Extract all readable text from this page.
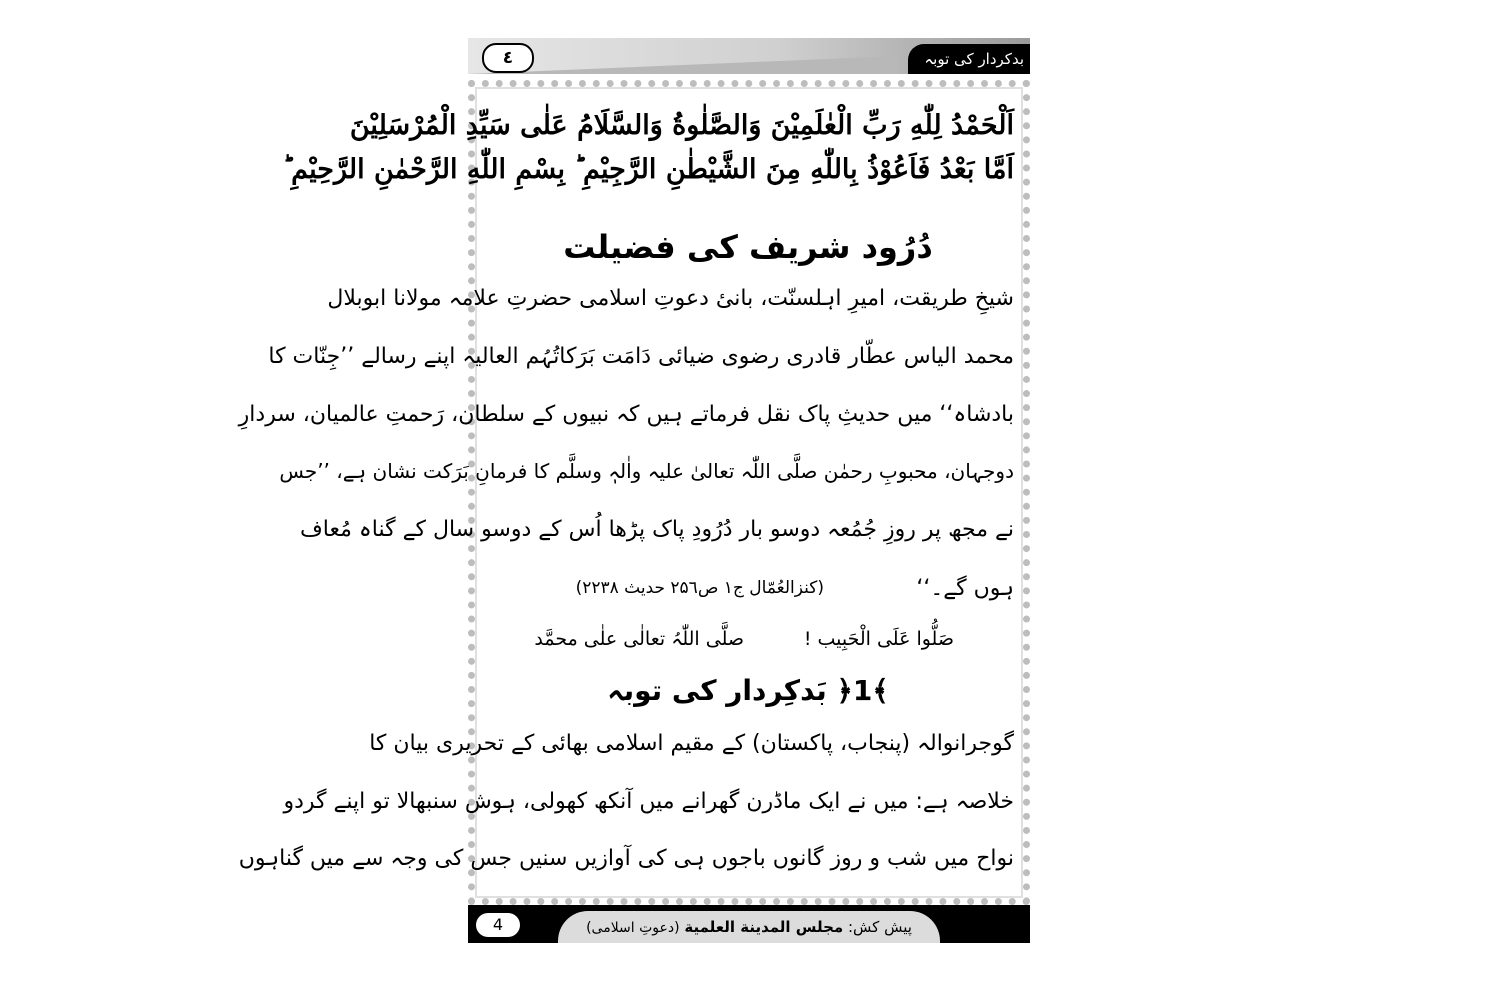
٤	بدکردار کی توبہ
اَلْحَمْدُ لِلّٰهِ رَبِّ الْعٰلَمِيْنَ وَالصَّلٰوةُ وَالسَّلَامُ عَلٰی سَيِّدِ الْمُرْسَلِيْنَ
اَمَّا بَعْدُ فَاَعُوْذُ بِاللّٰهِ مِنَ الشَّيْطٰنِ الرَّجِيْمِ ؕ بِسْمِ اللّٰهِ الرَّحْمٰنِ الرَّحِيْمِ ؕ
دُرُود شریف کی فضیلت
شیخِ طریقت، امیرِ اہلسنّت، بانیٔ دعوتِ اسلامی حضرتِ علامہ مولانا ابوبلال
محمد الیاس عطّار قادری رضوی ضیائی دَامَت بَرَکاتُہُم العالیہ اپنے رسالے ’’جِنّات کا
بادشاہ‘‘ میں حدیثِ پاک نقل فرماتے ہیں کہ نبیوں کے سلطان، رَحمتِ عالمیان، سردارِ
دوجہان، محبوبِ رحمٰن صلَّی اللّٰہ تعالیٰ علیہ واٰلہٖ وسلَّم کا فرمانِ بَرَکت نشان ہے، ’’جس
نے مجھ پر روزِ جُمُعہ دوسو بار دُرُودِ پاک پڑھا اُس کے دوسو سال کے گناہ مُعاف
ہوں گے۔‘‘
(کنزالعُمّال ج۱ ص۲۵٦ حدیث ۲۲۳۸)
صَلُّوا عَلَی الْحَبِیب !
صلَّی اللّٰہُ تعالٰی علٰی محمَّد
﴾1﴿ بَدکِردار کی توبہ
گوجرانوالہ (پنجاب، پاکستان) کے مقیم اسلامی بھائی کے تحریری بیان کا
خلاصہ ہے: میں نے ایک ماڈرن گھرانے میں آنکھ کھولی، ہوش سنبھالا تو اپنے گردو
نواح میں شب و روز گانوں باجوں ہی کی آوازیں سنیں جس کی وجہ سے میں گناہوں
پیش کش: مجلس المدينة العلمية (دعوتِ اسلامی)
4
